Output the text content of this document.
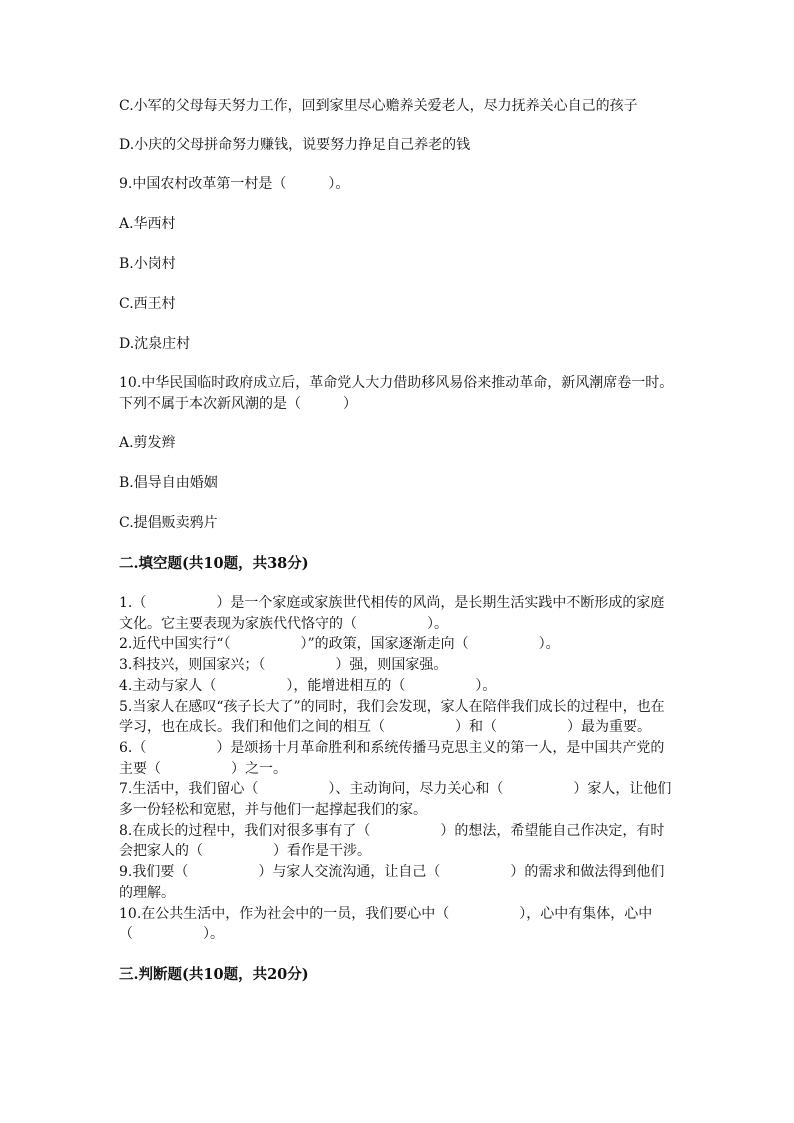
C.小军的父母每天努力工作，回到家里尽心赡养关爱老人，尽力抚养关心自己的孩子

D.小庆的父母拼命努力赚钱，说要努力挣足自己养老的钱

9.中国农村改革第一村是（　　　）。

A.华西村

B.小岗村

C.西王村

D.沈泉庄村

10.中华民国临时政府成立后，革命党人大力借助移风易俗来推动革命，新风潮席卷一时。下列不属于本次新风潮的是（　　　）

A.剪发辫

B.倡导自由婚姻

C.提倡贩卖鸦片

二.填空题(共10题，共38分)

1.（　　　　　）是一个家庭或家族世代相传的风尚，是长期生活实践中不断形成的家庭文化。它主要表现为家族代代恪守的（　　　　　）。

2.近代中国实行“（　　　　　）”的政策，国家逐渐走向（　　　　　）。

3.科技兴，则国家兴；（　　　　　）强，则国家强。

4.主动与家人（　　　　　），能增进相互的（　　　　　）。

5.当家人在感叹“孩子长大了”的同时，我们会发现，家人在陪伴我们成长的过程中，也在学习，也在成长。我们和他们之间的相互（　　　　　）和（　　　　　）最为重要。

6.（　　　　　）是颂扬十月革命胜利和系统传播马克思主义的第一人，是中国共产党的主要（　　　　　）之一。

7.生活中，我们留心（　　　　　）、主动询问，尽力关心和（　　　　　）家人，让他们多一份轻松和宽慰，并与他们一起撑起我们的家。

8.在成长的过程中，我们对很多事有了（　　　　　）的想法，希望能自己作决定，有时会把家人的（　　　　　）看作是干涉。

9.我们要（　　　　　）与家人交流沟通，让自己（　　　　　）的需求和做法得到他们的理解。

10.在公共生活中，作为社会中的一员，我们要心中（　　　　　），心中有集体，心中（　　　　　）。

三.判断题(共10题，共20分)
